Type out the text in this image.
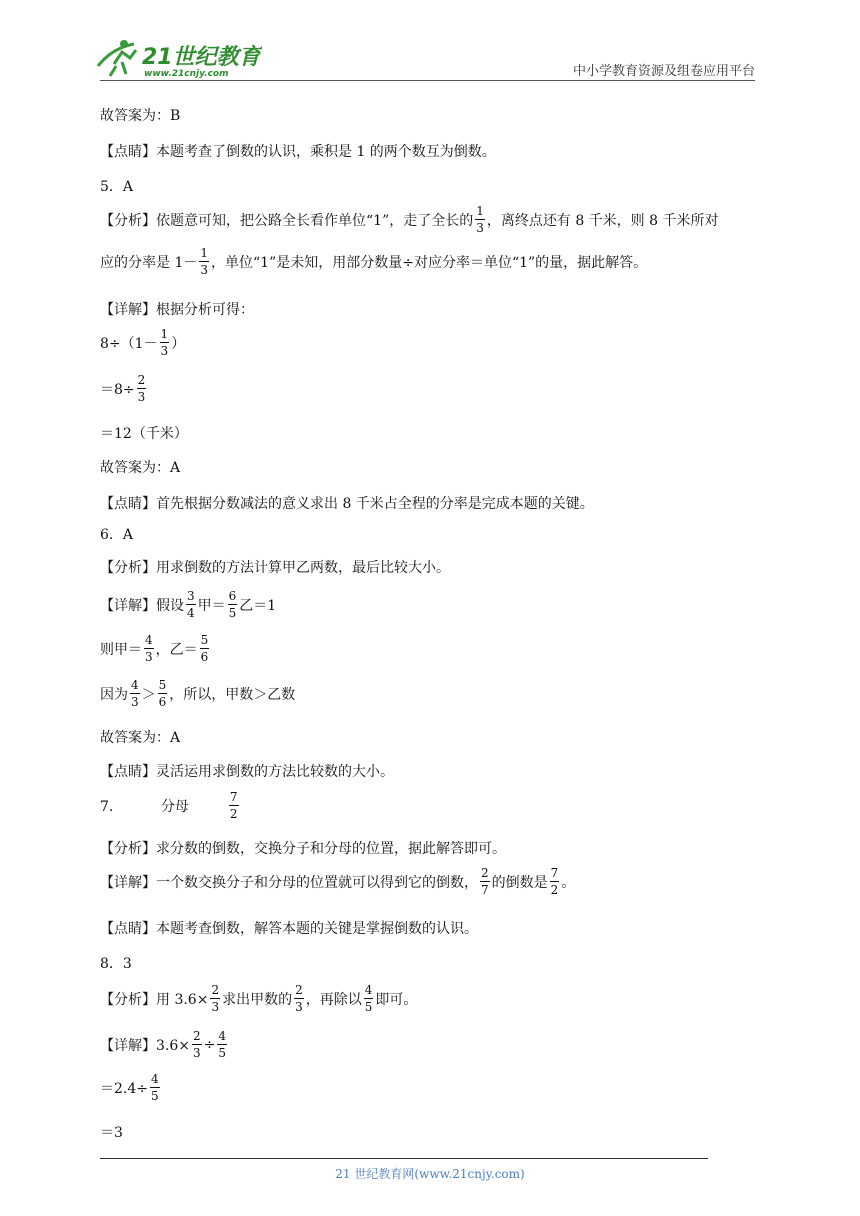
21世纪教育
www.21cnjy.com	中小学教育资源及组卷应用平台
故答案为：B
【点睛】本题考查了倒数的认识，乘积是 1 的两个数互为倒数。
5．A
【分析】依题意可知，把公路全长看作单位“1”，走了全长的 $\frac{1}{3}$ ，离终点还有 8 千米，则 8 千米所对
应的分率是 $1- \frac{1}{3}$ ，单位“1”是未知，用部分数量÷对应分率＝单位“1”的量，据此解答。
【详解】根据分析可得：
$8\div(1- \frac{1}{3}$ ）
$=8\div \frac{2}{3}$
＝12（千米）
故答案为：A
【点睛】首先根据分数减法的意义求出 8 千米占全程的分率是完成本题的关键。
6．A
【分析】用求倒数的方法计算甲乙两数，最后比较大小。
【详解】假设 $\frac{3}{4}$ 甲＝ $\frac{6}{5}$ 乙＝1
则甲＝ $\frac{4}{3}$ ，乙＝ $\frac{5}{6}$
因为 $\frac{4}{3} > \frac{5}{6}$ ，所以，甲数＞乙数
故答案为：A
【点睛】灵活运用求倒数的方法比较数的大小。
7．	分母	$\frac{7}{2}$
【分析】求分数的倒数，交换分子和分母的位置，据此解答即可。
【详解】一个数交换分子和分母的位置就可以得到它的倒数， $\frac{2}{7}$ 的倒数是 $\frac{7}{2}$ 。
【点睛】本题考查倒数，解答本题的关键是掌握倒数的认识。
8．3
【分析】用 $3.6\times \frac{2}{3}$ 求出甲数的 $\frac{2}{3}$ ，再除以 $\frac{4}{5}$ 即可。
【详解】$3.6\times \frac{2}{3} \div \frac{4}{5}$
$=2.4\div \frac{4}{5}$
＝3
21 世纪教育网(www.21cnjy.com)
